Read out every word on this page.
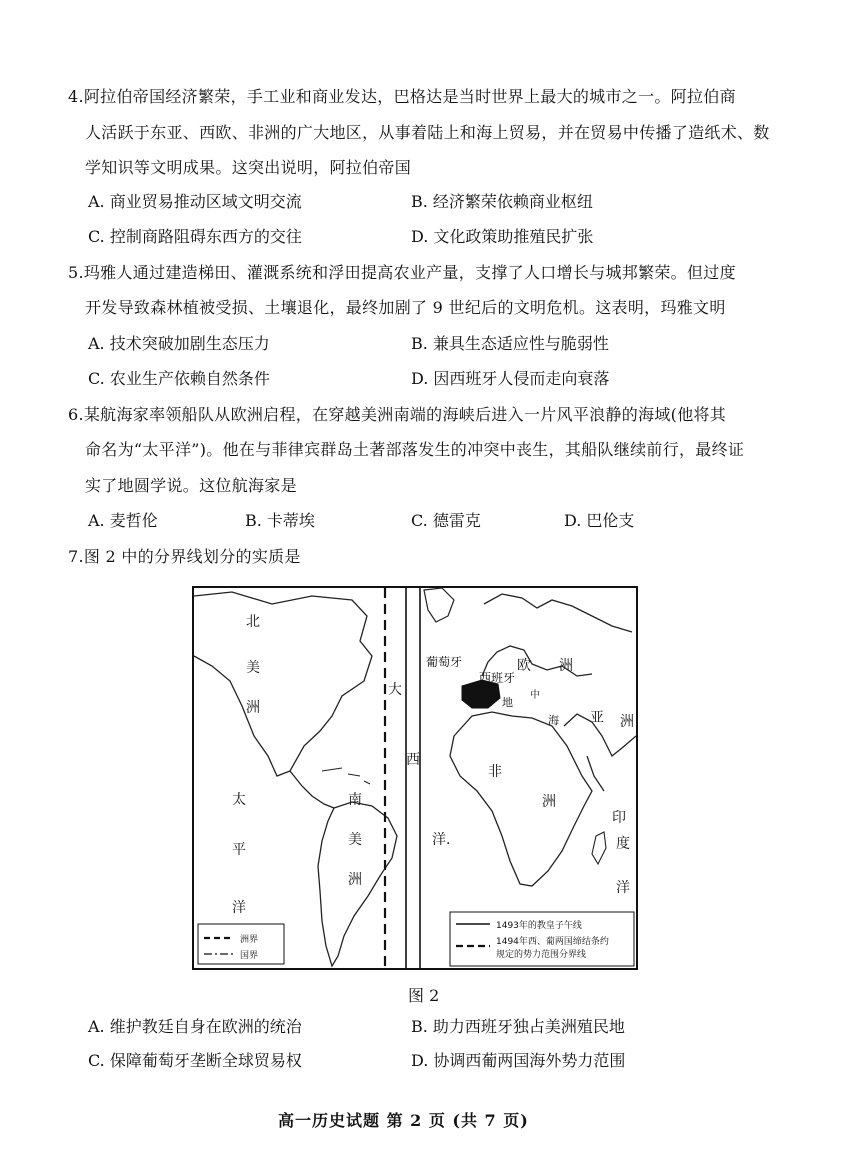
4.阿拉伯帝国经济繁荣，手工业和商业发达，巴格达是当时世界上最大的城市之一。阿拉伯商
人活跃于东亚、西欧、非洲的广大地区，从事着陆上和海上贸易，并在贸易中传播了造纸术、数
学知识等文明成果。这突出说明，阿拉伯帝国
A. 商业贸易推动区域文明交流	B. 经济繁荣依赖商业枢纽
C. 控制商路阻碍东西方的交往	D. 文化政策助推殖民扩张
5.玛雅人通过建造梯田、灌溉系统和浮田提高农业产量，支撑了人口增长与城邦繁荣。但过度
开发导致森林植被受损、土壤退化，最终加剧了 9 世纪后的文明危机。这表明，玛雅文明
A. 技术突破加剧生态压力	B. 兼具生态适应性与脆弱性
C. 农业生产依赖自然条件	D. 因西班牙人侵而走向衰落
6.某航海家率领船队从欧洲启程，在穿越美洲南端的海峡后进入一片风平浪静的海域(他将其
命名为“太平洋”)。他在与菲律宾群岛土著部落发生的冲突中丧生，其船队继续前行，最终证
实了地圆学说。这位航海家是
A. 麦哲伦	B. 卡蒂埃	C. 德雷克	D. 巴伦支
7.图 2 中的分界线划分的实质是
洲界
国界
1493年的教皇子午线
1494年西、葡两国缔结条约
规定的势力范围分界线
北
美
洲
太
平
洋
南
美
洲
大
西
洋.
欧 洲
葡萄牙
西班牙
中
地
海
非
洲
亚 洲
印
度
洋
图 2
A. 维护教廷自身在欧洲的统治	B. 助力西班牙独占美洲殖民地
C. 保障葡萄牙垄断全球贸易权	D. 协调西葡两国海外势力范围
高一历史试题 第 2 页 (共 7 页)
